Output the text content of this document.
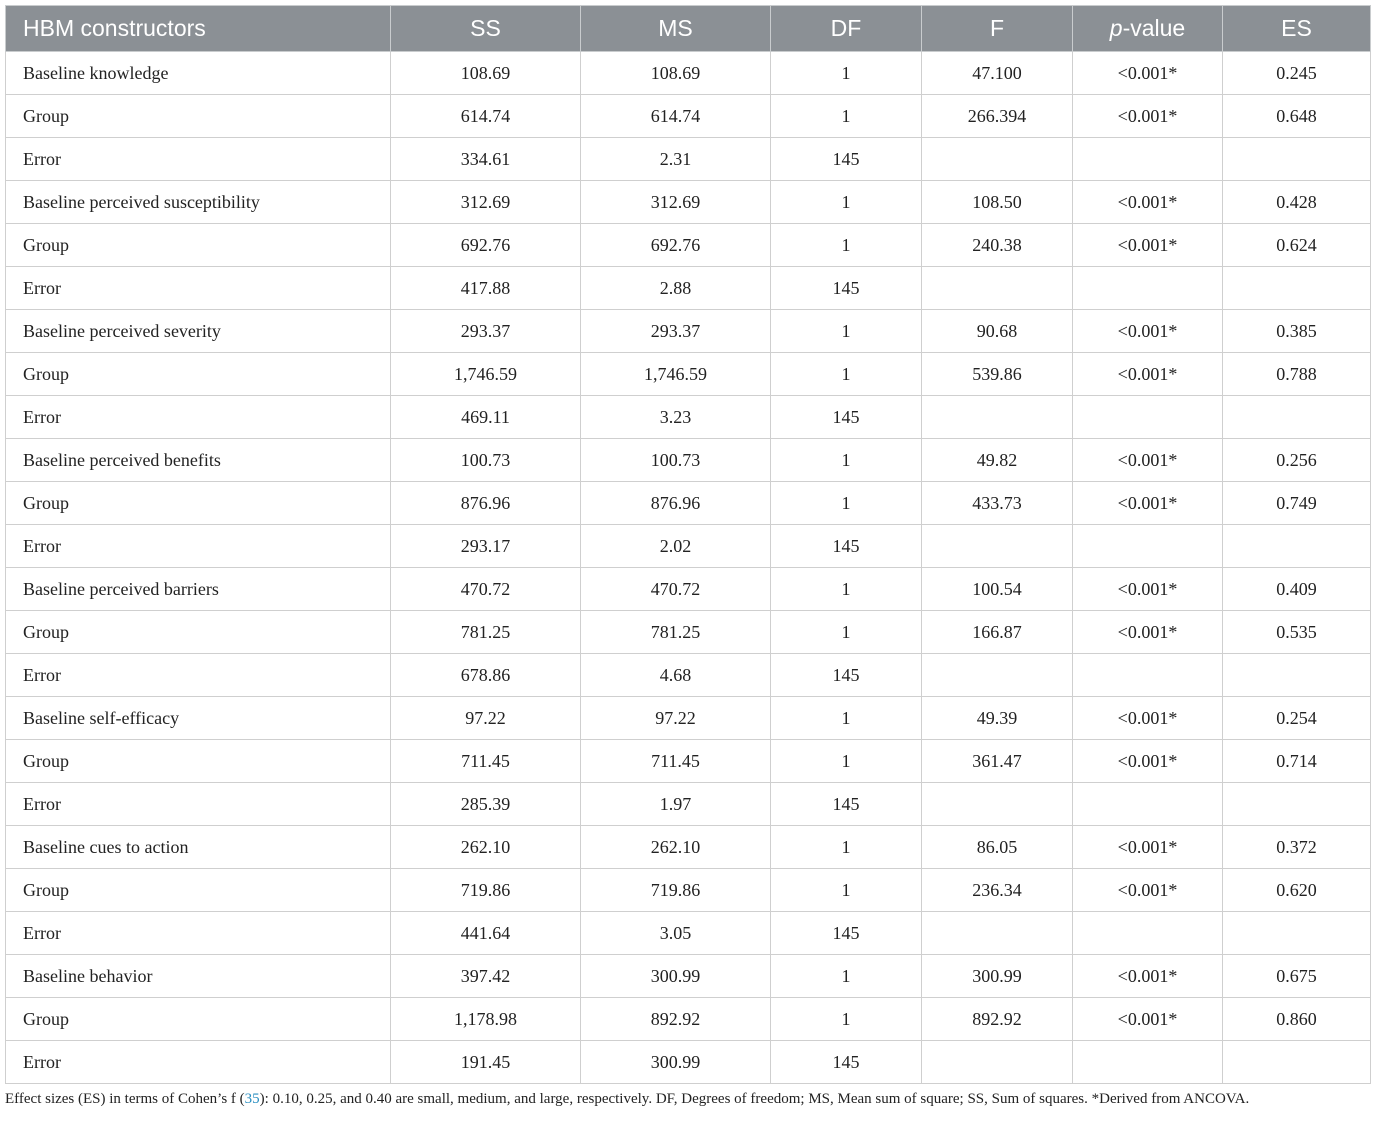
HBM constructors	SS	MS	DF	F	p-value	ES
Baseline knowledge	108.69	108.69	1	47.100	<0.001*	0.245
Group	614.74	614.74	1	266.394	<0.001*	0.648
Error	334.61	2.31	145			
Baseline perceived susceptibility	312.69	312.69	1	108.50	<0.001*	0.428
Group	692.76	692.76	1	240.38	<0.001*	0.624
Error	417.88	2.88	145			
Baseline perceived severity	293.37	293.37	1	90.68	<0.001*	0.385
Group	1,746.59	1,746.59	1	539.86	<0.001*	0.788
Error	469.11	3.23	145			
Baseline perceived benefits	100.73	100.73	1	49.82	<0.001*	0.256
Group	876.96	876.96	1	433.73	<0.001*	0.749
Error	293.17	2.02	145			
Baseline perceived barriers	470.72	470.72	1	100.54	<0.001*	0.409
Group	781.25	781.25	1	166.87	<0.001*	0.535
Error	678.86	4.68	145			
Baseline self-efficacy	97.22	97.22	1	49.39	<0.001*	0.254
Group	711.45	711.45	1	361.47	<0.001*	0.714
Error	285.39	1.97	145			
Baseline cues to action	262.10	262.10	1	86.05	<0.001*	0.372
Group	719.86	719.86	1	236.34	<0.001*	0.620
Error	441.64	3.05	145			
Baseline behavior	397.42	300.99	1	300.99	<0.001*	0.675
Group	1,178.98	892.92	1	892.92	<0.001*	0.860
Error	191.45	300.99	145			

Effect sizes (ES) in terms of Cohen’s f (35): 0.10, 0.25, and 0.40 are small, medium, and large, respectively. DF, Degrees of freedom; MS, Mean sum of square; SS, Sum of squares. *Derived from ANCOVA.
